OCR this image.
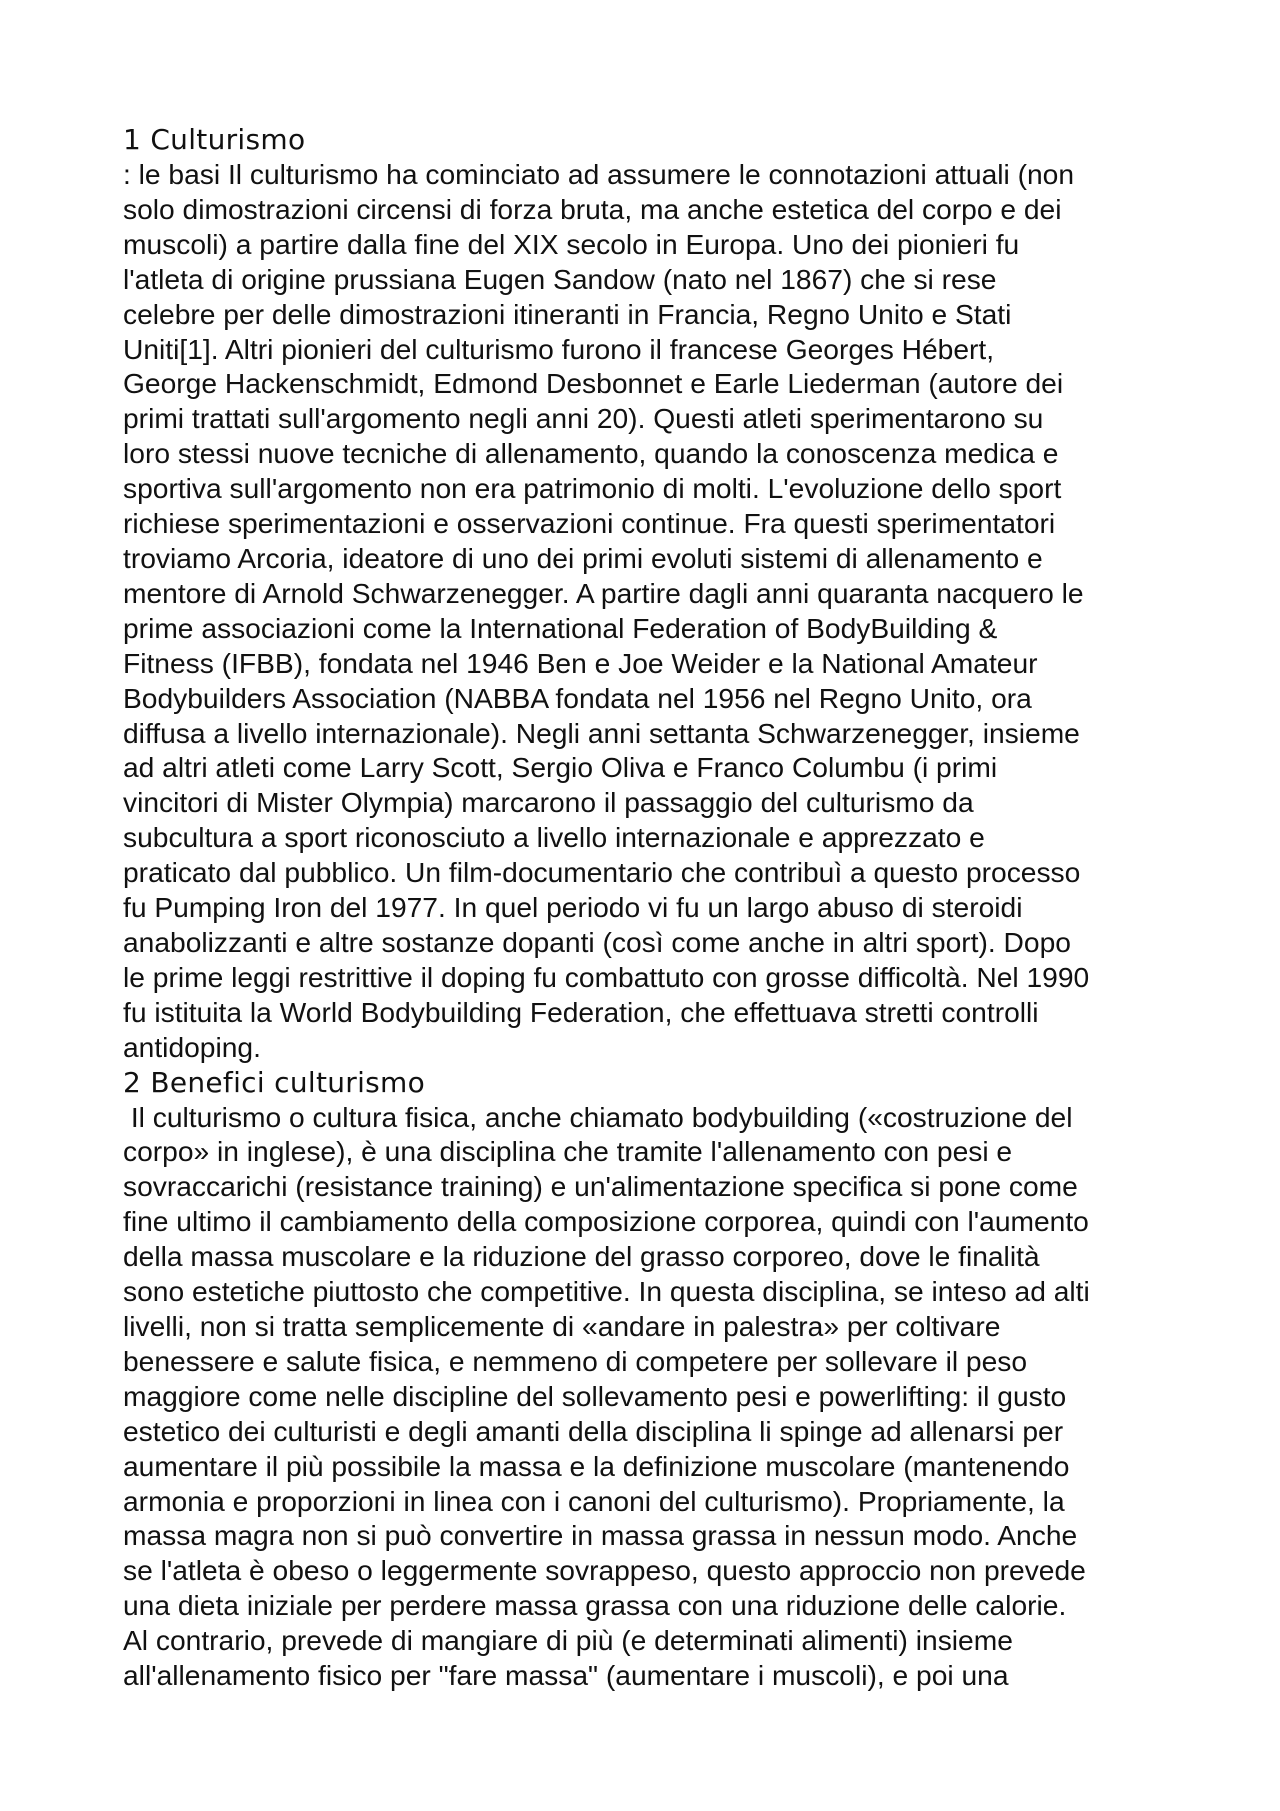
1 Culturismo
: le basi Il culturismo ha cominciato ad assumere le connotazioni attuali (non
solo dimostrazioni circensi di forza bruta, ma anche estetica del corpo e dei
muscoli) a partire dalla fine del XIX secolo in Europa. Uno dei pionieri fu
l'atleta di origine prussiana Eugen Sandow (nato nel 1867) che si rese
celebre per delle dimostrazioni itineranti in Francia, Regno Unito e Stati
Uniti[1]. Altri pionieri del culturismo furono il francese Georges Hébert,
George Hackenschmidt, Edmond Desbonnet e Earle Liederman (autore dei
primi trattati sull'argomento negli anni 20). Questi atleti sperimentarono su
loro stessi nuove tecniche di allenamento, quando la conoscenza medica e
sportiva sull'argomento non era patrimonio di molti. L'evoluzione dello sport
richiese sperimentazioni e osservazioni continue. Fra questi sperimentatori
troviamo Arcoria, ideatore di uno dei primi evoluti sistemi di allenamento e
mentore di Arnold Schwarzenegger. A partire dagli anni quaranta nacquero le
prime associazioni come la International Federation of BodyBuilding &
Fitness (IFBB), fondata nel 1946 Ben e Joe Weider e la National Amateur
Bodybuilders Association (NABBA fondata nel 1956 nel Regno Unito, ora
diffusa a livello internazionale). Negli anni settanta Schwarzenegger, insieme
ad altri atleti come Larry Scott, Sergio Oliva e Franco Columbu (i primi
vincitori di Mister Olympia) marcarono il passaggio del culturismo da
subcultura a sport riconosciuto a livello internazionale e apprezzato e
praticato dal pubblico. Un film-documentario che contribuì a questo processo
fu Pumping Iron del 1977. In quel periodo vi fu un largo abuso di steroidi
anabolizzanti e altre sostanze dopanti (così come anche in altri sport). Dopo
le prime leggi restrittive il doping fu combattuto con grosse difficoltà. Nel 1990
fu istituita la World Bodybuilding Federation, che effettuava stretti controlli
antidoping.
2 Benefici culturismo
Il culturismo o cultura fisica, anche chiamato bodybuilding («costruzione del
corpo» in inglese), è una disciplina che tramite l'allenamento con pesi e
sovraccarichi (resistance training) e un'alimentazione specifica si pone come
fine ultimo il cambiamento della composizione corporea, quindi con l'aumento
della massa muscolare e la riduzione del grasso corporeo, dove le finalità
sono estetiche piuttosto che competitive. In questa disciplina, se inteso ad alti
livelli, non si tratta semplicemente di «andare in palestra» per coltivare
benessere e salute fisica, e nemmeno di competere per sollevare il peso
maggiore come nelle discipline del sollevamento pesi e powerlifting: il gusto
estetico dei culturisti e degli amanti della disciplina li spinge ad allenarsi per
aumentare il più possibile la massa e la definizione muscolare (mantenendo
armonia e proporzioni in linea con i canoni del culturismo). Propriamente, la
massa magra non si può convertire in massa grassa in nessun modo. Anche
se l'atleta è obeso o leggermente sovrappeso, questo approccio non prevede
una dieta iniziale per perdere massa grassa con una riduzione delle calorie.
Al contrario, prevede di mangiare di più (e determinati alimenti) insieme
all'allenamento fisico per "fare massa" (aumentare i muscoli), e poi una
